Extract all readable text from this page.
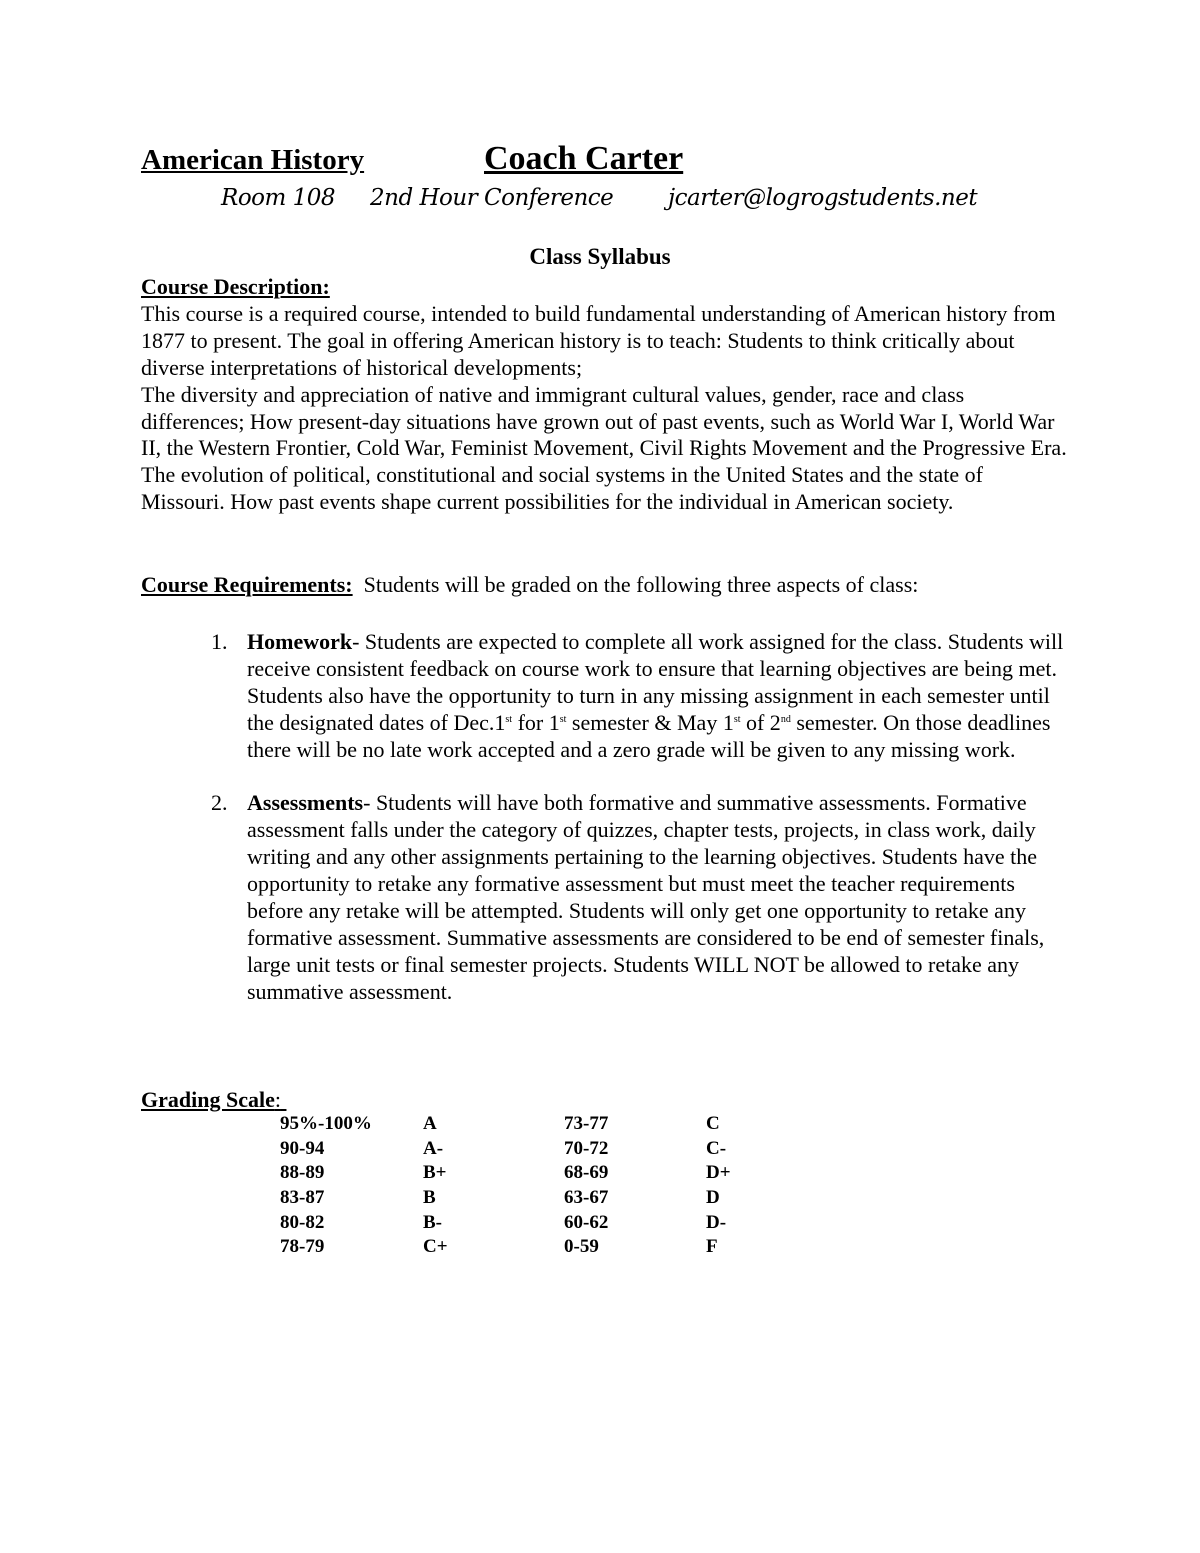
American History	Coach Carter
Room 108 2nd Hour Conference jcarter@logrogstudents.net
Class Syllabus

Course Description:

This course is a required course, intended to build fundamental understanding of American history from 1877 to present. The goal in offering American history is to teach: Students to think critically about diverse interpretations of historical developments;

The diversity and appreciation of native and immigrant cultural values, gender, race and class differences; How present-day situations have grown out of past events, such as World War I, World War II, the Western Frontier, Cold War, Feminist Movement, Civil Rights Movement and the Progressive Era. The evolution of political, constitutional and social systems in the United States and the state of Missouri. How past events shape current possibilities for the individual in American society.

Course Requirements: Students will be graded on the following three aspects of class:
1. Homework- Students are expected to complete all work assigned for the class. Students will receive consistent feedback on course work to ensure that learning objectives are being met. Students also have the opportunity to turn in any missing assignment in each semester until the designated dates of Dec.1st for 1st semester & May 1st of 2nd semester. On those deadlines there will be no late work accepted and a zero grade will be given to any missing work.
2. Assessments- Students will have both formative and summative assessments. Formative assessment falls under the category of quizzes, chapter tests, projects, in class work, daily writing and any other assignments pertaining to the learning objectives. Students have the opportunity to retake any formative assessment but must meet the teacher requirements before any retake will be attempted. Students will only get one opportunity to retake any formative assessment. Summative assessments are considered to be end of semester finals, large unit tests or final semester projects. Students WILL NOT be allowed to retake any summative assessment.
Grading Scale:
95%-100%	A	73-77	C
90-94	A-	70-72	C-
88-89	B+	68-69	D+
83-87	B	63-67	D
80-82	B-	60-62	D-
78-79	C+	0-59	F
